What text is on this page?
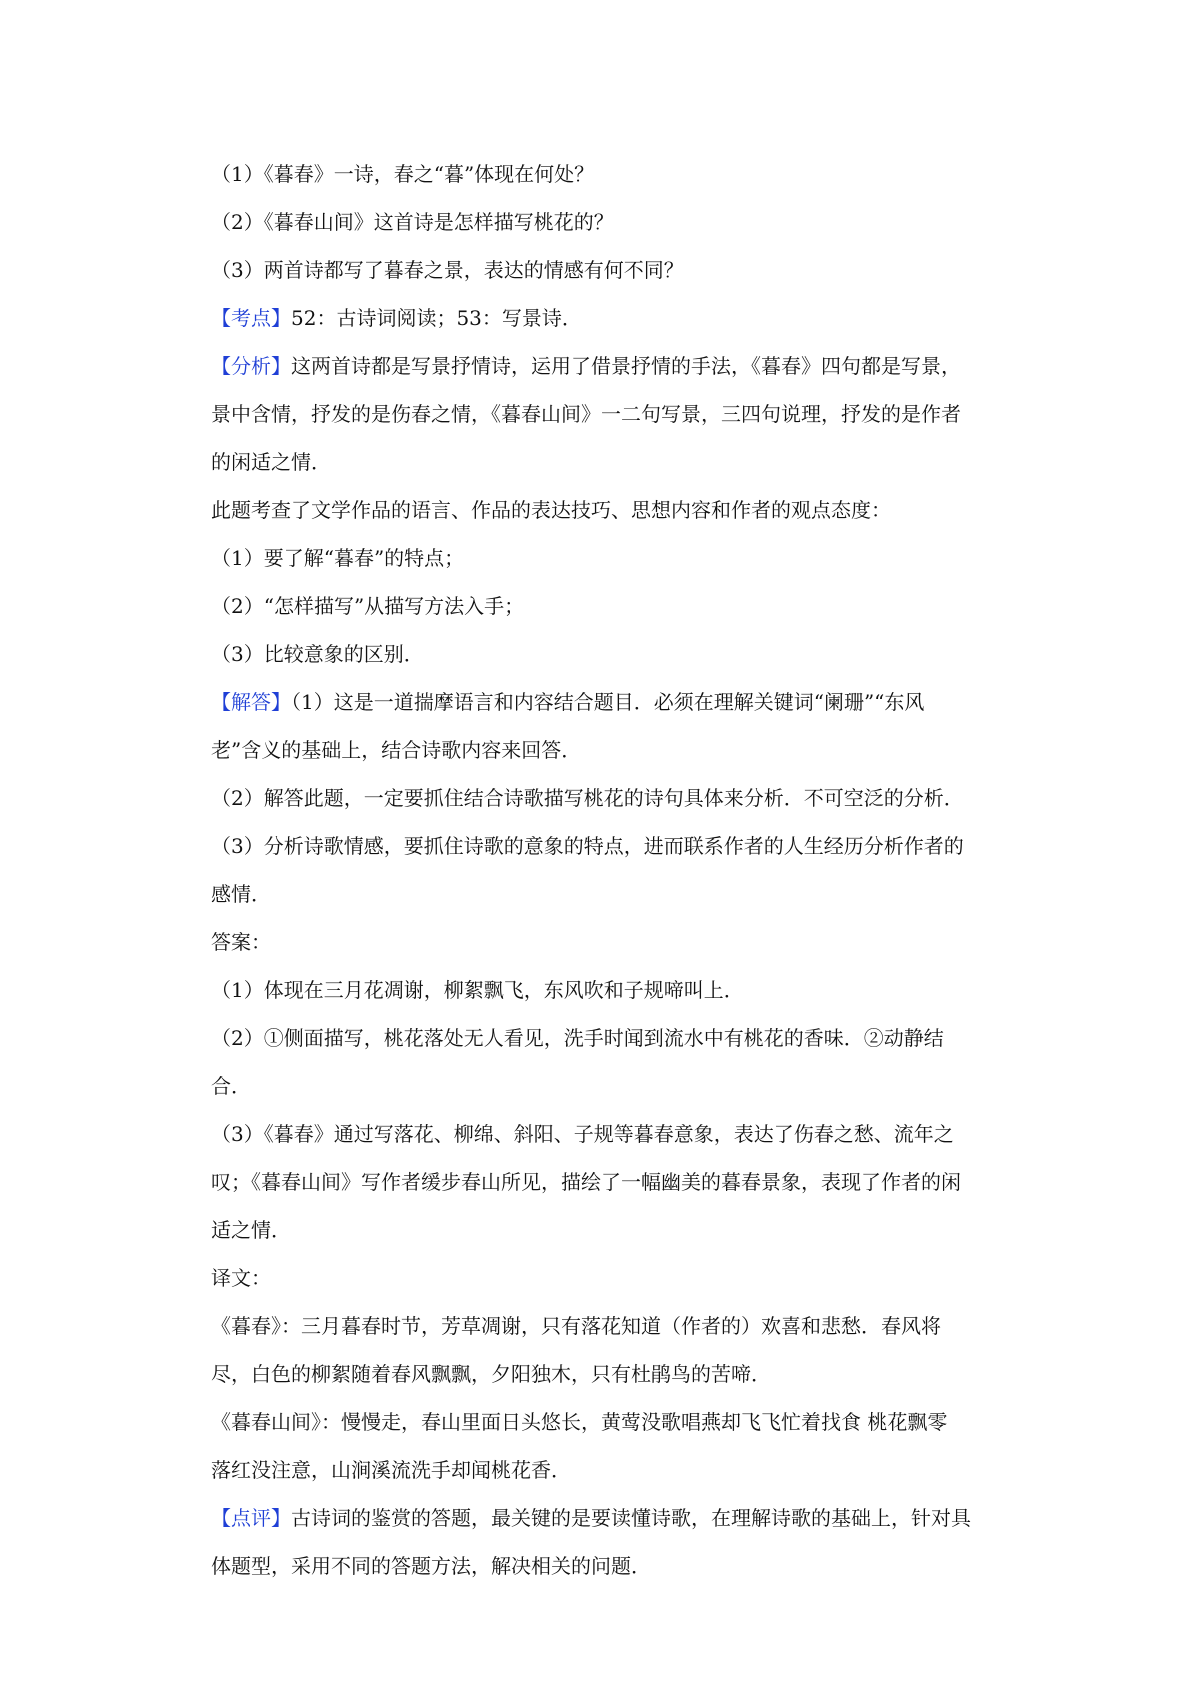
（1）《暮春》一诗，春之“暮”体现在何处？
（2）《暮春山间》这首诗是怎样描写桃花的？
（3）两首诗都写了暮春之景，表达的情感有何不同？
【考点】52：古诗词阅读；53：写景诗．
【分析】这两首诗都是写景抒情诗，运用了借景抒情的手法，《暮春》四句都是写景，
景中含情，抒发的是伤春之情，《暮春山间》一二句写景，三四句说理，抒发的是作者
的闲适之情．
此题考查了文学作品的语言、作品的表达技巧、思想内容和作者的观点态度：
（1）要了解“暮春”的特点；
（2）“怎样描写”从描写方法入手；
（3）比较意象的区别．
【解答】（1）这是一道揣摩语言和内容结合题目．必须在理解关键词“阑珊”“东风
老”含义的基础上，结合诗歌内容来回答．
（2）解答此题，一定要抓住结合诗歌描写桃花的诗句具体来分析．不可空泛的分析．
（3）分析诗歌情感，要抓住诗歌的意象的特点，进而联系作者的人生经历分析作者的
感情．
答案：
（1）体现在三月花凋谢，柳絮飘飞，东风吹和子规啼叫上．
（2）①侧面描写，桃花落处无人看见，洗手时闻到流水中有桃花的香味．②动静结
合．
（3）《暮春》通过写落花、柳绵、斜阳、子规等暮春意象，表达了伤春之愁、流年之
叹；《暮春山间》写作者缓步春山所见，描绘了一幅幽美的暮春景象，表现了作者的闲
适之情．
译文：
《暮春》：三月暮春时节，芳草凋谢，只有落花知道（作者的）欢喜和悲愁．春风将
尽，白色的柳絮随着春风飘飘，夕阳独木，只有杜鹃鸟的苦啼．
《暮春山间》：慢慢走，春山里面日头悠长，黄莺没歌唱燕却飞飞忙着找食 桃花飘零
落红没注意，山涧溪流洗手却闻桃花香．
【点评】古诗词的鉴赏的答题，最关键的是要读懂诗歌，在理解诗歌的基础上，针对具
体题型，采用不同的答题方法，解决相关的问题．
